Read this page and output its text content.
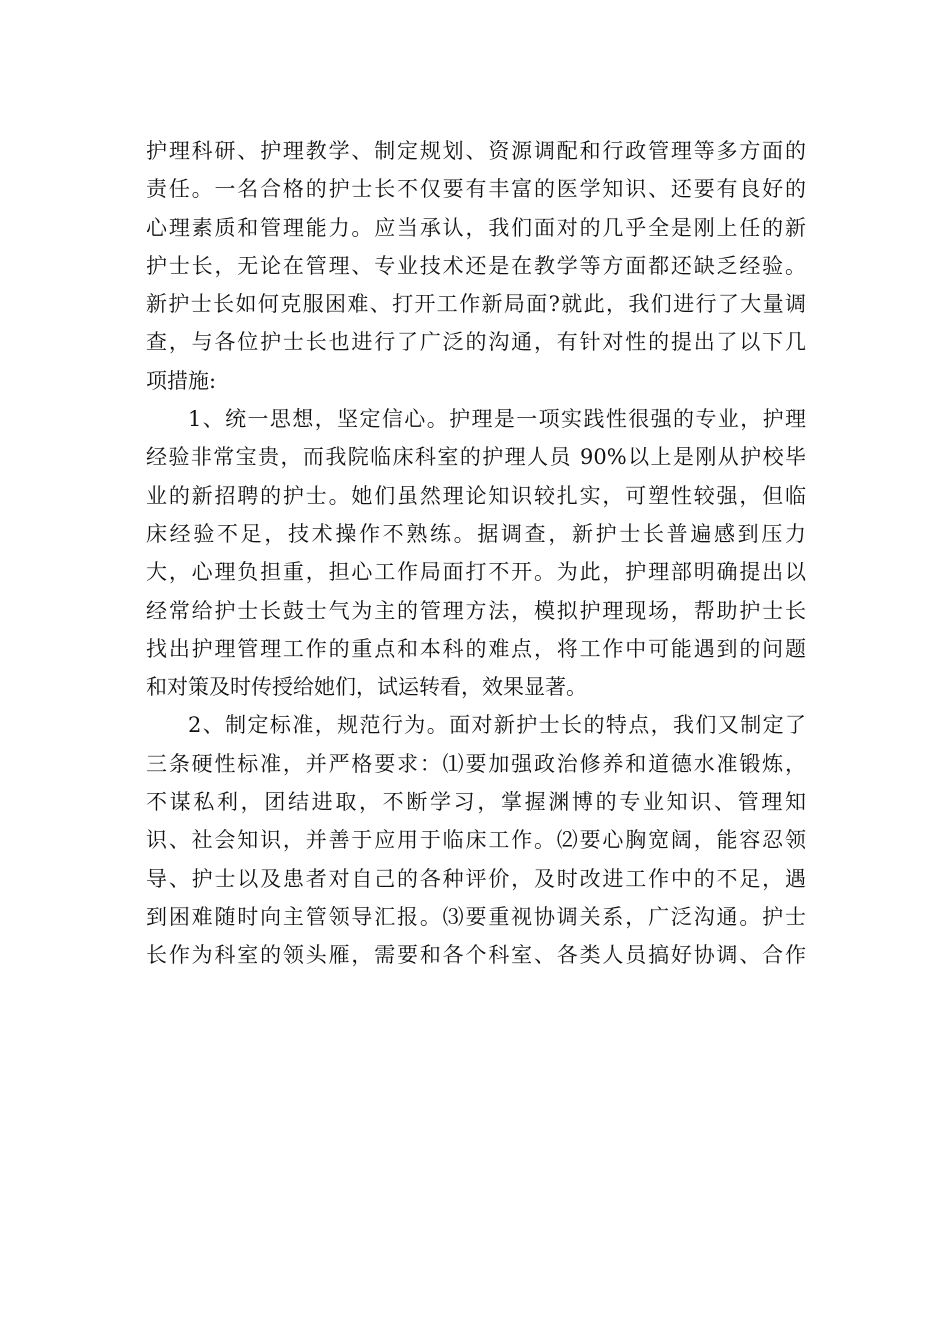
护理科研、护理教学、制定规划、资源调配和行政管理等多方面的
责任。一名合格的护士长不仅要有丰富的医学知识、还要有良好的
心理素质和管理能力。应当承认，我们面对的几乎全是刚上任的新
护士长，无论在管理、专业技术还是在教学等方面都还缺乏经验。
新护士长如何克服困难、打开工作新局面?就此，我们进行了大量调
查，与各位护士长也进行了广泛的沟通，有针对性的提出了以下几
项措施:
1、统一思想，坚定信心。护理是一项实践性很强的专业，护理
经验非常宝贵，而我院临床科室的护理人员 90%以上是刚从护校毕
业的新招聘的护士。她们虽然理论知识较扎实，可塑性较强，但临
床经验不足，技术操作不熟练。据调查，新护士长普遍感到压力
大，心理负担重，担心工作局面打不开。为此，护理部明确提出以
经常给护士长鼓士气为主的管理方法，模拟护理现场，帮助护士长
找出护理管理工作的重点和本科的难点，将工作中可能遇到的问题
和对策及时传授给她们，试运转看，效果显著。
2、制定标准，规范行为。面对新护士长的特点，我们又制定了
三条硬性标准，并严格要求：⑴要加强政治修养和道德水准锻炼，
不谋私利，团结进取，不断学习，掌握渊博的专业知识、管理知
识、社会知识，并善于应用于临床工作。⑵要心胸宽阔，能容忍领
导、护士以及患者对自己的各种评价，及时改进工作中的不足，遇
到困难随时向主管领导汇报。⑶要重视协调关系，广泛沟通。护士
长作为科室的领头雁，需要和各个科室、各类人员搞好协调、合作
